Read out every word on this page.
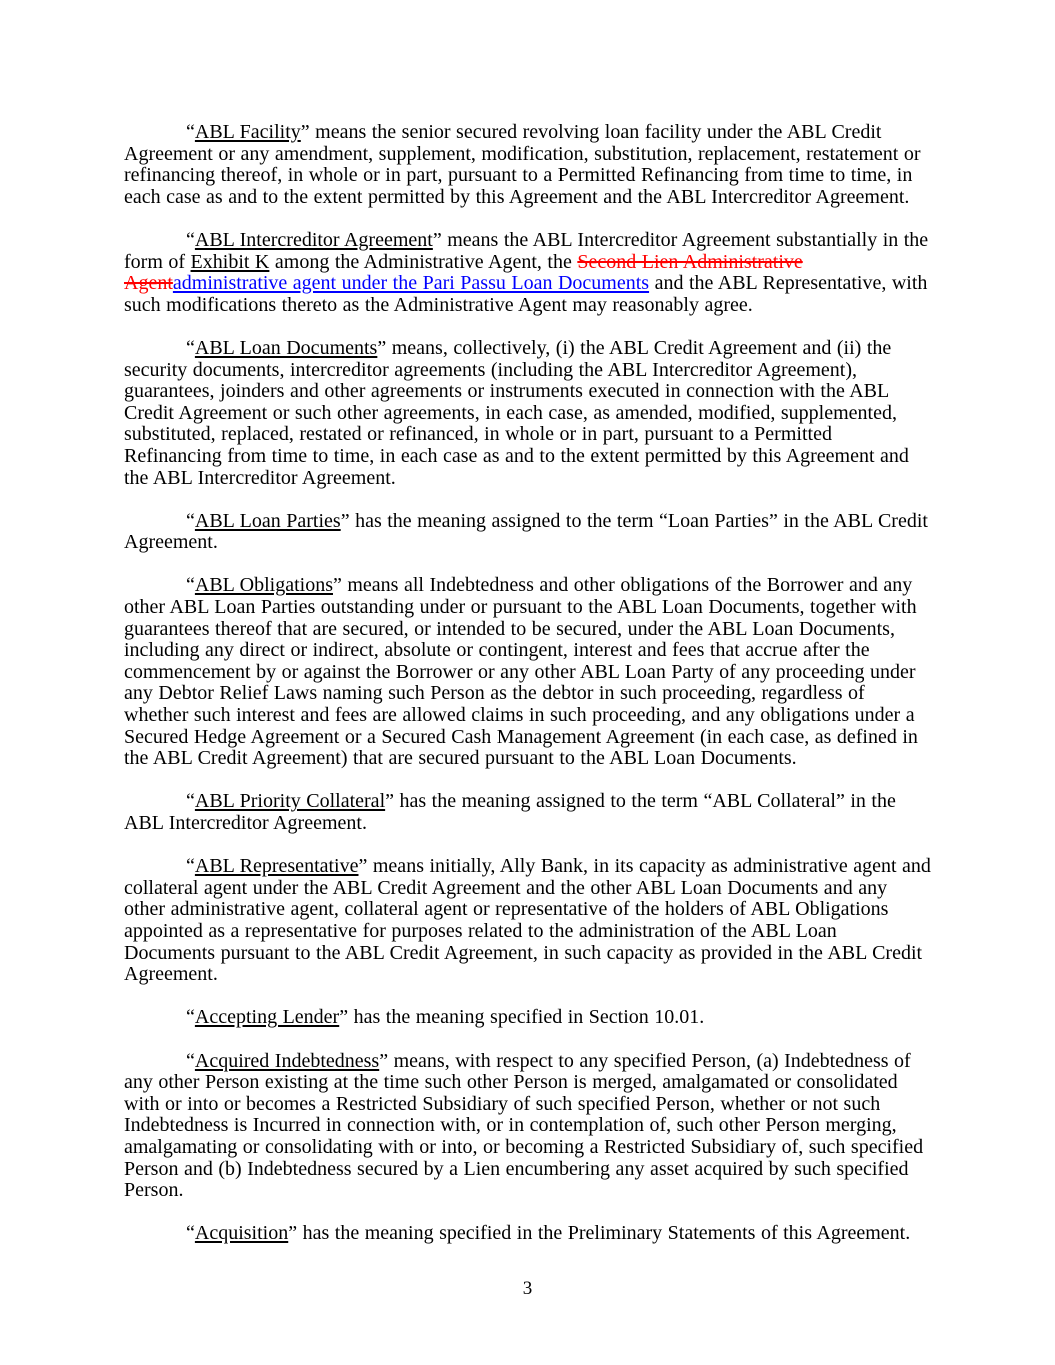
“ABL Facility” means the senior secured revolving loan facility under the ABL Credit Agreement or any amendment, supplement, modification, substitution, replacement, restatement or refinancing thereof, in whole or in part, pursuant to a Permitted Refinancing from time to time, in each case as and to the extent permitted by this Agreement and the ABL Intercreditor Agreement.

“ABL Intercreditor Agreement” means the ABL Intercreditor Agreement substantially in the form of Exhibit K among the Administrative Agent, the Second Lien Administrative Agentadministrative agent under the Pari Passu Loan Documents and the ABL Representative, with such modifications thereto as the Administrative Agent may reasonably agree.

“ABL Loan Documents” means, collectively, (i) the ABL Credit Agreement and (ii) the security documents, intercreditor agreements (including the ABL Intercreditor Agreement), guarantees, joinders and other agreements or instruments executed in connection with the ABL Credit Agreement or such other agreements, in each case, as amended, modified, supplemented, substituted, replaced, restated or refinanced, in whole or in part, pursuant to a Permitted Refinancing from time to time, in each case as and to the extent permitted by this Agreement and the ABL Intercreditor Agreement.

“ABL Loan Parties” has the meaning assigned to the term “Loan Parties” in the ABL Credit Agreement.

“ABL Obligations” means all Indebtedness and other obligations of the Borrower and any other ABL Loan Parties outstanding under or pursuant to the ABL Loan Documents, together with guarantees thereof that are secured, or intended to be secured, under the ABL Loan Documents, including any direct or indirect, absolute or contingent, interest and fees that accrue after the commencement by or against the Borrower or any other ABL Loan Party of any proceeding under any Debtor Relief Laws naming such Person as the debtor in such proceeding, regardless of whether such interest and fees are allowed claims in such proceeding, and any obligations under a Secured Hedge Agreement or a Secured Cash Management Agreement (in each case, as defined in the ABL Credit Agreement) that are secured pursuant to the ABL Loan Documents.

“ABL Priority Collateral” has the meaning assigned to the term “ABL Collateral” in the ABL Intercreditor Agreement.

“ABL Representative” means initially, Ally Bank, in its capacity as administrative agent and collateral agent under the ABL Credit Agreement and the other ABL Loan Documents and any other administrative agent, collateral agent or representative of the holders of ABL Obligations appointed as a representative for purposes related to the administration of the ABL Loan Documents pursuant to the ABL Credit Agreement, in such capacity as provided in the ABL Credit Agreement.

“Accepting Lender” has the meaning specified in Section 10.01.

“Acquired Indebtedness” means, with respect to any specified Person, (a) Indebtedness of any other Person existing at the time such other Person is merged, amalgamated or consolidated with or into or becomes a Restricted Subsidiary of such specified Person, whether or not such Indebtedness is Incurred in connection with, or in contemplation of, such other Person merging, amalgamating or consolidating with or into, or becoming a Restricted Subsidiary of, such specified Person and (b) Indebtedness secured by a Lien encumbering any asset acquired by such specified Person.

“Acquisition” has the meaning specified in the Preliminary Statements of this Agreement.

3
